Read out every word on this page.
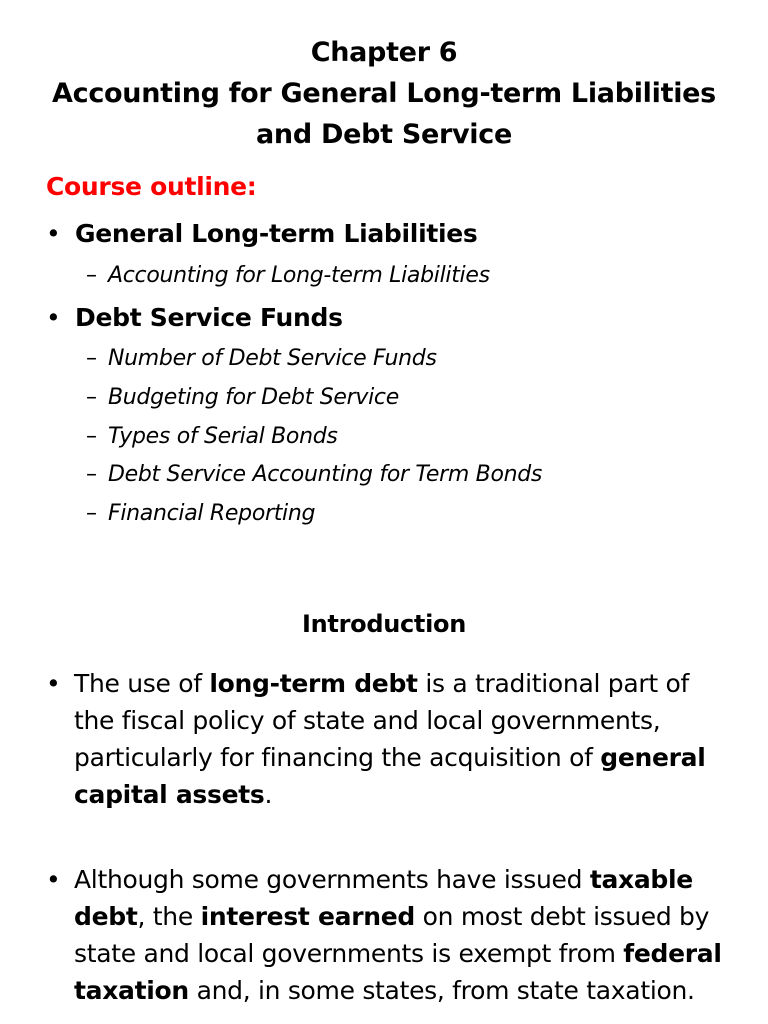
Chapter 6
Accounting for General Long-term Liabilities
and Debt Service
Course outline:
• General Long-term Liabilities
– Accounting for Long-term Liabilities
• Debt Service Funds
– Number of Debt Service Funds
– Budgeting for Debt Service
– Types of Serial Bonds
– Debt Service Accounting for Term Bonds
– Financial Reporting
Introduction
• The use of long-term debt is a traditional part of the fiscal policy of state and local governments, particularly for financing the acquisition of general capital assets.
• Although some governments have issued taxable debt, the interest earned on most debt issued by state and local governments is exempt from federal taxation and, in some states, from state taxation.
